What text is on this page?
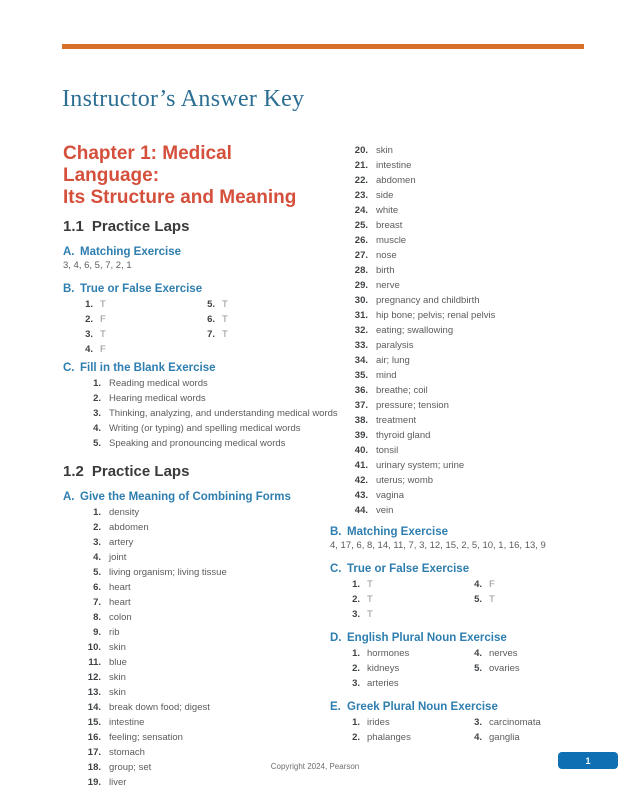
Instructor’s Answer Key
Chapter 1: Medical Language:
Its Structure and Meaning
1.1 Practice Laps
A. Matching Exercise
3, 4, 6, 5, 7, 2, 1
B. True or False Exercise
1. T
2. F
3. T
4. F
5. T
6. T
7. T
C. Fill in the Blank Exercise
1. Reading medical words
2. Hearing medical words
3. Thinking, analyzing, and understanding medical words
4. Writing (or typing) and spelling medical words
5. Speaking and pronouncing medical words
1.2 Practice Laps
A. Give the Meaning of Combining Forms
1. density
2. abdomen
3. artery
4. joint
5. living organism; living tissue
6. heart
7. heart
8. colon
9. rib
10. skin
11. blue
12. skin
13. skin
14. break down food; digest
15. intestine
16. feeling; sensation
17. stomach
18. group; set
19. liver
20. skin
21. intestine
22. abdomen
23. side
24. white
25. breast
26. muscle
27. nose
28. birth
29. nerve
30. pregnancy and childbirth
31. hip bone; pelvis; renal pelvis
32. eating; swallowing
33. paralysis
34. air; lung
35. mind
36. breathe; coil
37. pressure; tension
38. treatment
39. thyroid gland
40. tonsil
41. urinary system; urine
42. uterus; womb
43. vagina
44. vein
B. Matching Exercise
4, 17, 6, 8, 14, 11, 7, 3, 12, 15, 2, 5, 10, 1, 16, 13, 9
C. True or False Exercise
1. T
2. T
3. T
4. F
5. T
D. English Plural Noun Exercise
1. hormones
2. kidneys
3. arteries
4. nerves
5. ovaries
E. Greek Plural Noun Exercise
1. irides
2. phalanges
3. carcinomata
4. ganglia
Copyright 2024, Pearson
1
